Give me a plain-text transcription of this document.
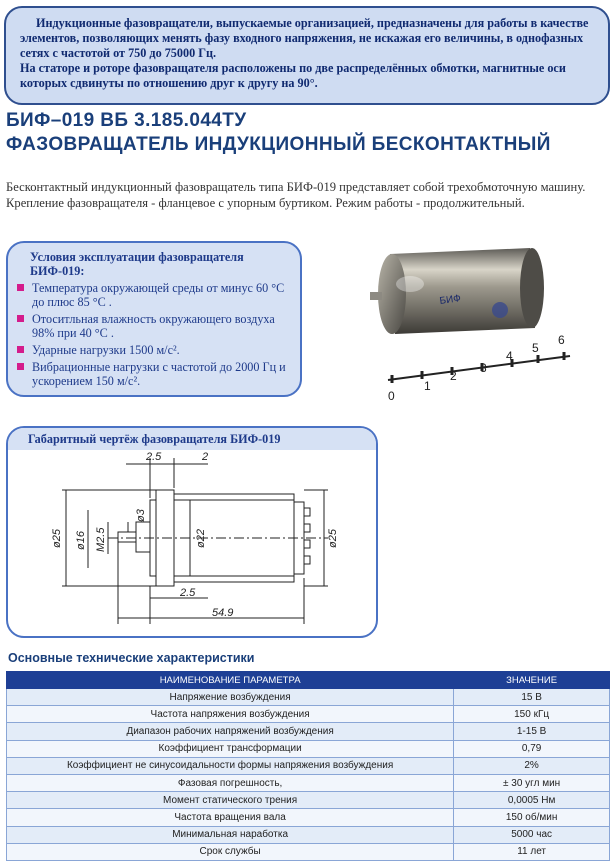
Индукционные фазовращатели, выпускаемые организацией, предназначены для работы в качестве элементов, позволяющих менять фазу входного напряжения, не искажая его величины, в однофазных сетях с частотой от 750 до 75000 Гц.

На статоре и роторе фазовращателя расположены по две распределённых обмотки, магнитные оси которых сдвинуты по отношению друг к другу на 90°.

БИФ–019 ВБ 3.185.044ТУ
ФАЗОВРАЩАТЕЛЬ ИНДУКЦИОННЫЙ БЕСКОНТАКТНЫЙ

Бесконтактный индукционный фазовращатель типа БИФ-019 представляет собой трехобмоточную машину. Крепление фазовращателя - фланцевое с упорным буртиком. Режим работы - продолжительный.

Условия эксплуатации фазовращателя БИФ-019:
Температура окружающей среды от минус 60 °C до плюс 85 °C .
Отоситльная влажность окружающего воздуха 98% при 40 °C .
Ударные нагрузки 1500 м/с².
Вибрационные нагрузки с частотой до 2000 Гц и ускорением 150 м/с².
БИФ
0
1
2
3
4
5
6
Габаритный чертёж фазовращателя БИФ-019
2.5	2
ø25 ø16 M2.5
ø3
ø22	ø25
2.5
54.9
Основные технические характеристики
НАИМЕНОВАНИЕ ПАРАМЕТРА	ЗНАЧЕНИЕ
Напряжение возбуждения	15 В
Частота напряжения возбуждения	150 кГц
Диапазон рабочих напряжений возбуждения	1-15 В
Коэффициент трансформации	0,79
Коэффициент не синусоидальности формы напряжения возбуждения	2%
Фазовая погрешность,	± 30 угл мин
Момент статического трения	0,0005 Нм
Частота вращения вала	150 об/мин
Минимальная наработка	5000 час
Срок службы	11 лет
